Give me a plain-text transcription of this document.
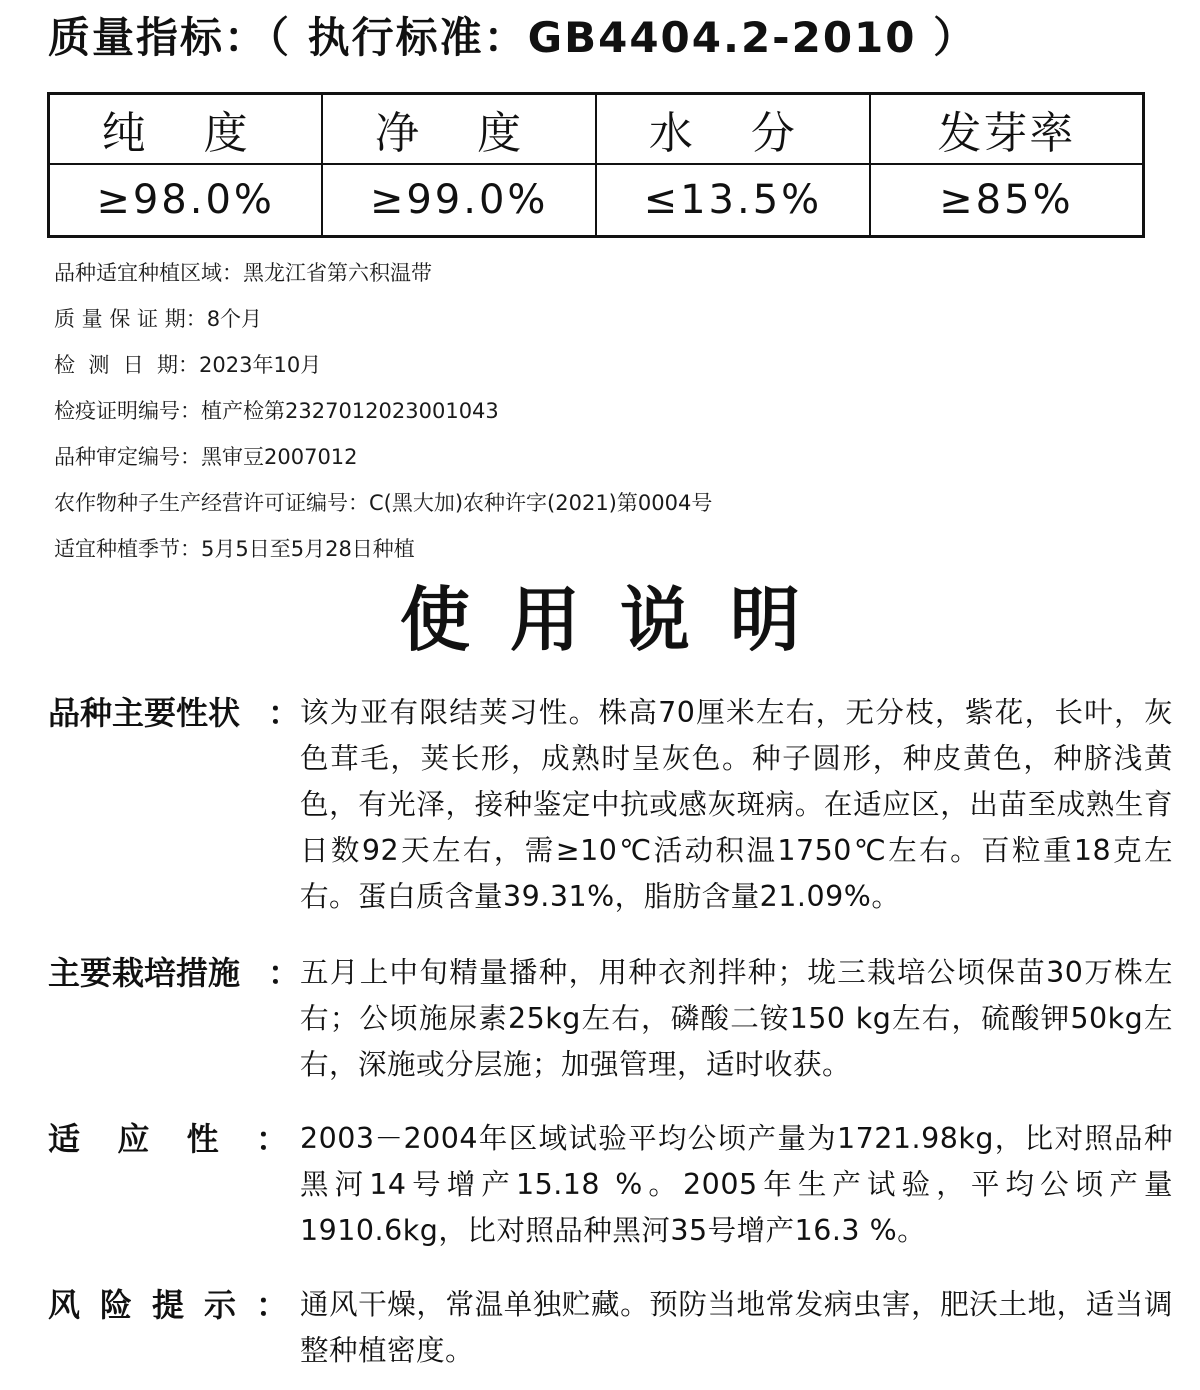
质量指标：（ 执行标准：GB4404.2-2010 ）
纯 度	净 度	水 分	发芽率
≥98.0%	≥99.0%	≤13.5%	≥85%
品种适宜种植区域：黑龙江省第六积温带
质 量 保 证 期：8个月
检  测  日  期：2023年10月
检疫证明编号：植产检第2327012023001043
品种审定编号：黑审豆2007012
农作物种子生产经营许可证编号：C(黑大加)农种许字(2021)第0004号
适宜种植季节：5月5日至5月28日种植
使用说明
品种主要性状 ： 该为亚有限结荚习性。株高70厘米左右，无分枝，紫花，长叶，灰色茸毛，荚长形，成熟时呈灰色。种子圆形，种皮黄色，种脐浅黄色，有光泽，接种鉴定中抗或感灰斑病。在适应区，出苗至成熟生育日数92天左右，需≥10℃活动积温1750℃左右。百粒重18克左右。蛋白质含量39.31%，脂肪含量21.09%。
主要栽培措施 ： 五月上中旬精量播种，用种衣剂拌种；垅三栽培公顷保苗30万株左右；公顷施尿素25kg左右，磷酸二铵150 kg左右，硫酸钾50kg左右，深施或分层施；加强管理，适时收获。
适 应 性 ： 2003－2004年区域试验平均公顷产量为1721.98kg，比对照品种黑河14号增产15.18 %。2005年生产试验，平均公顷产量1910.6kg，比对照品种黑河35号增产16.3 %。
风 险 提 示 ： 通风干燥，常温单独贮藏。预防当地常发病虫害，肥沃土地，适当调整种植密度。
